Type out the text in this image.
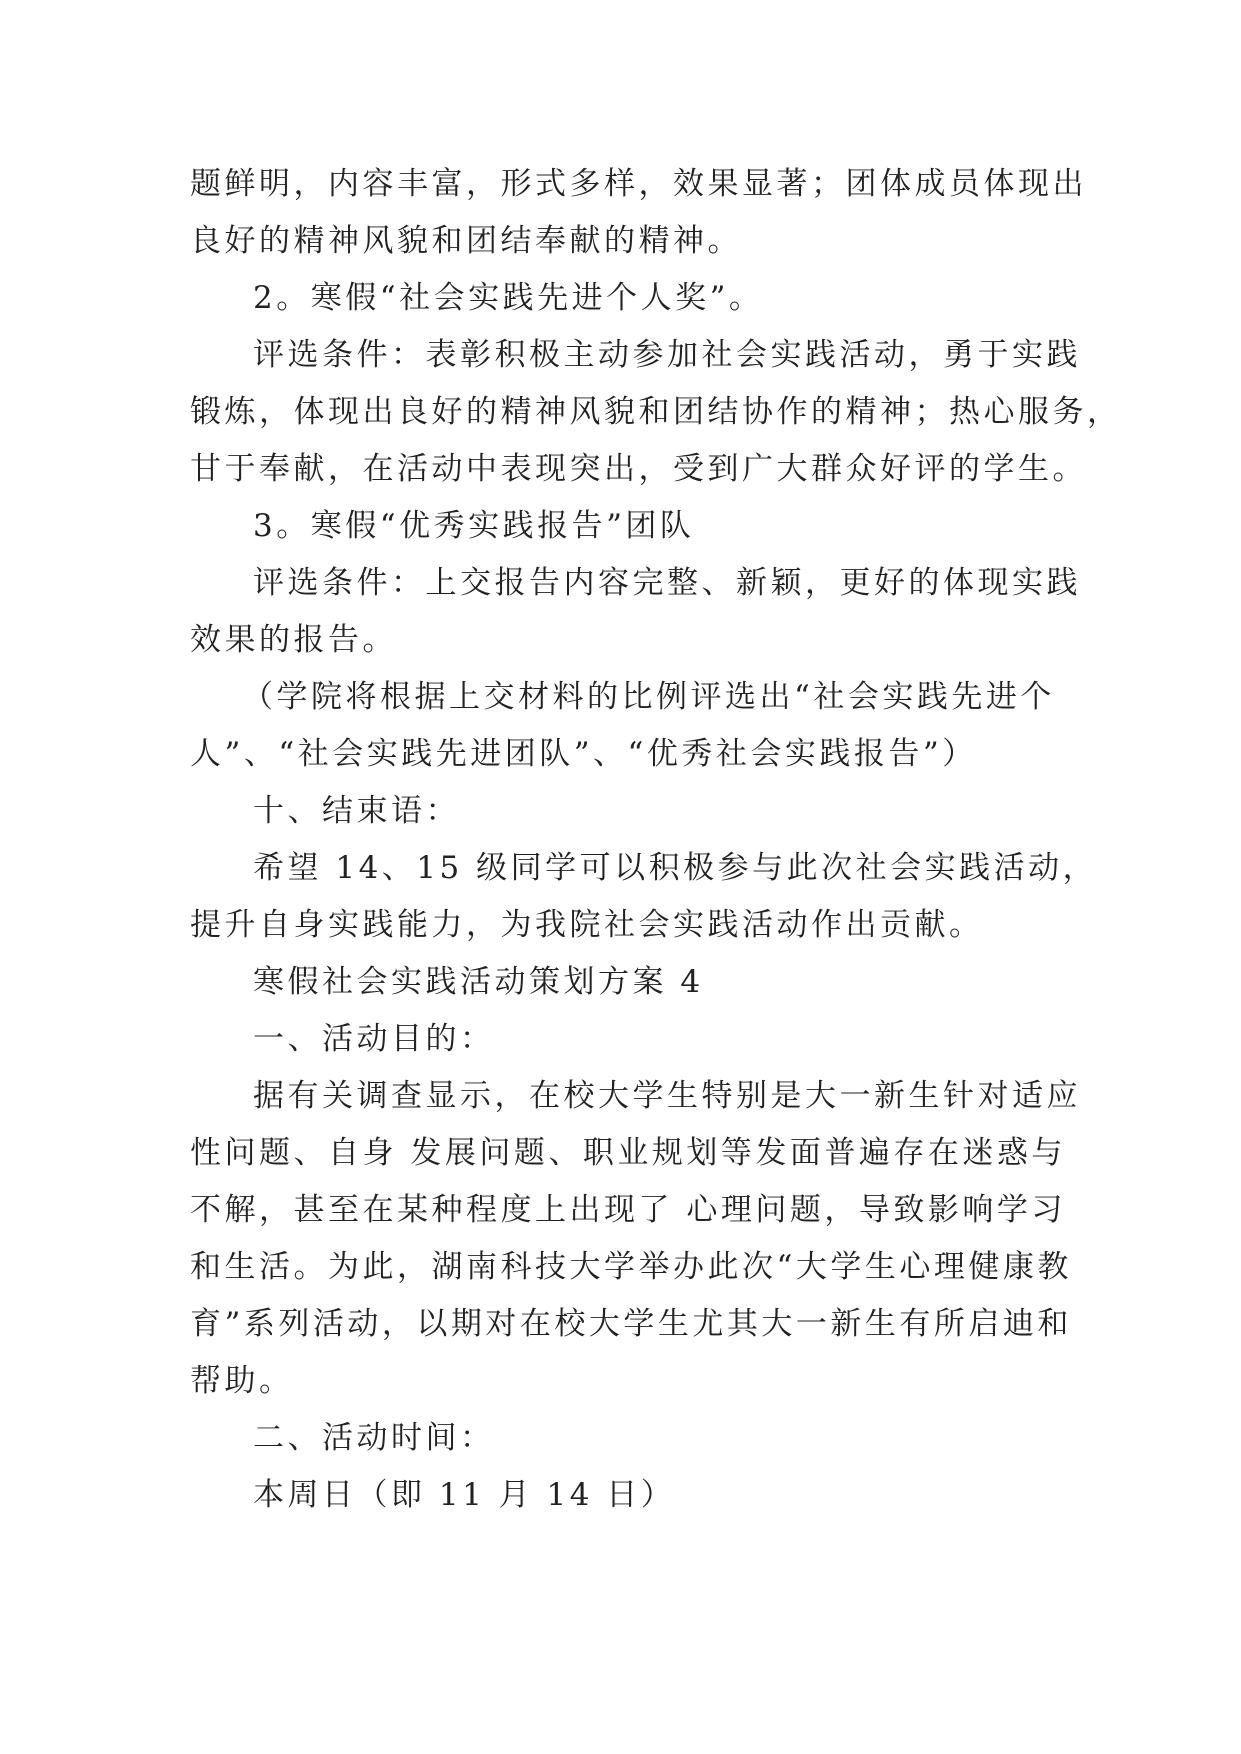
题鲜明，内容丰富，形式多样，效果显著；团体成员体现出
良好的精神风貌和团结奉献的精神。
2。寒假“社会实践先进个人奖”。
评选条件：表彰积极主动参加社会实践活动，勇于实践
锻炼，体现出良好的精神风貌和团结协作的精神；热心服务，
甘于奉献，在活动中表现突出，受到广大群众好评的学生。
3。寒假“优秀实践报告”团队
评选条件：上交报告内容完整、新颖，更好的体现实践
效果的报告。
（学院将根据上交材料的比例评选出“社会实践先进个
人”、“社会实践先进团队”、“优秀社会实践报告”）
十、结束语：
希望 14、15 级同学可以积极参与此次社会实践活动，
提升自身实践能力，为我院社会实践活动作出贡献。
寒假社会实践活动策划方案 4
一、活动目的：
据有关调查显示，在校大学生特别是大一新生针对适应
性问题、自身 发展问题、职业规划等发面普遍存在迷惑与
不解，甚至在某种程度上出现了 心理问题，导致影响学习
和生活。为此，湖南科技大学举办此次“大学生心理健康教
育”系列活动，以期对在校大学生尤其大一新生有所启迪和
帮助。
二、活动时间：
本周日（即 11 月 14 日）
